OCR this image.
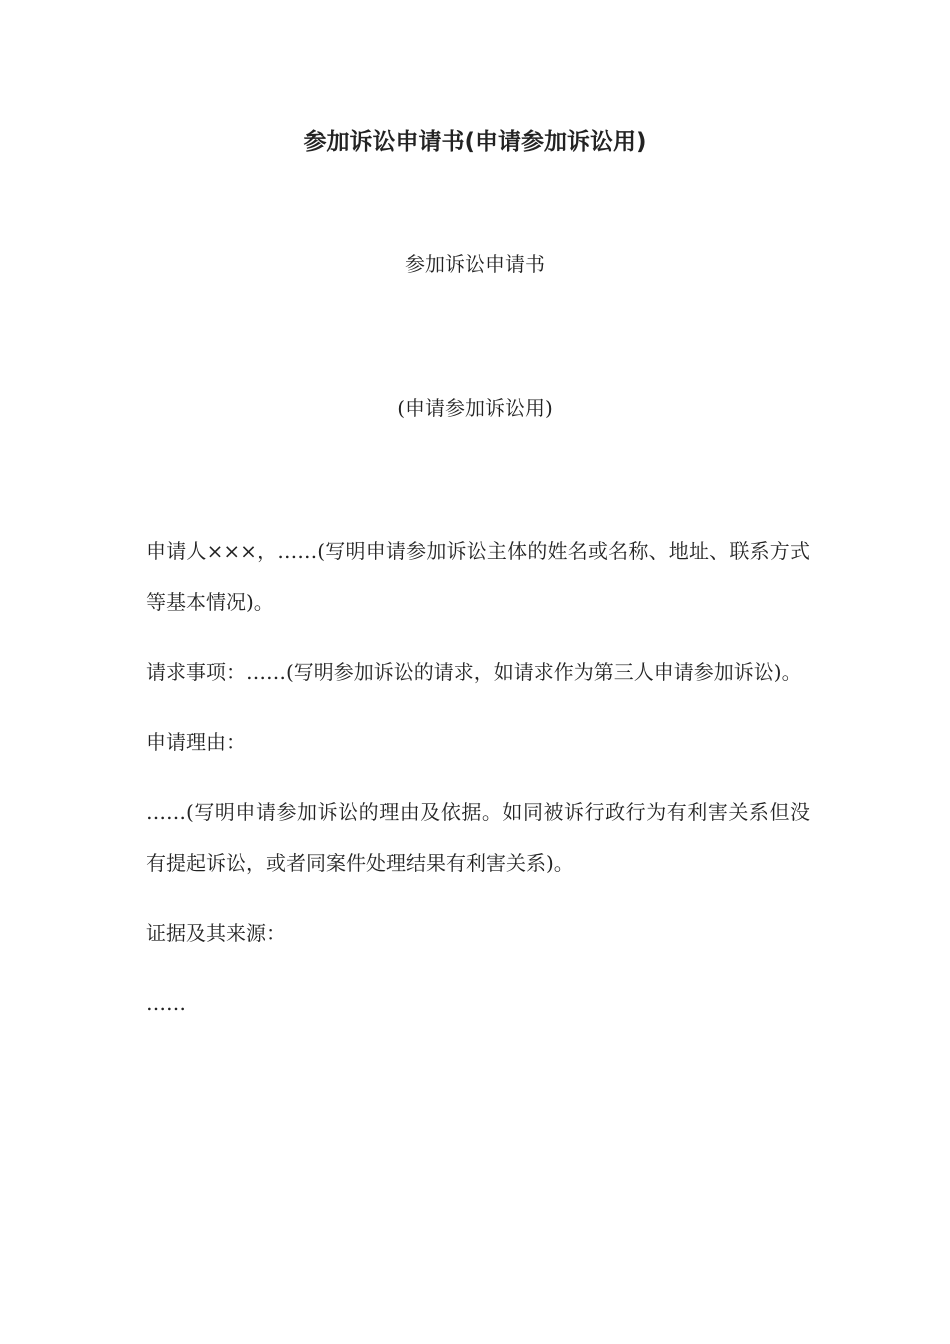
参加诉讼申请书(申请参加诉讼用)

参加诉讼申请书

(申请参加诉讼用)

申请人×××，……(写明申请参加诉讼主体的姓名或名称、地址、联系方式等基本情况)。

请求事项：……(写明参加诉讼的请求，如请求作为第三人申请参加诉讼)。

申请理由：

……(写明申请参加诉讼的理由及依据。如同被诉行政行为有利害关系但没有提起诉讼，或者同案件处理结果有利害关系)。

证据及其来源：

……
